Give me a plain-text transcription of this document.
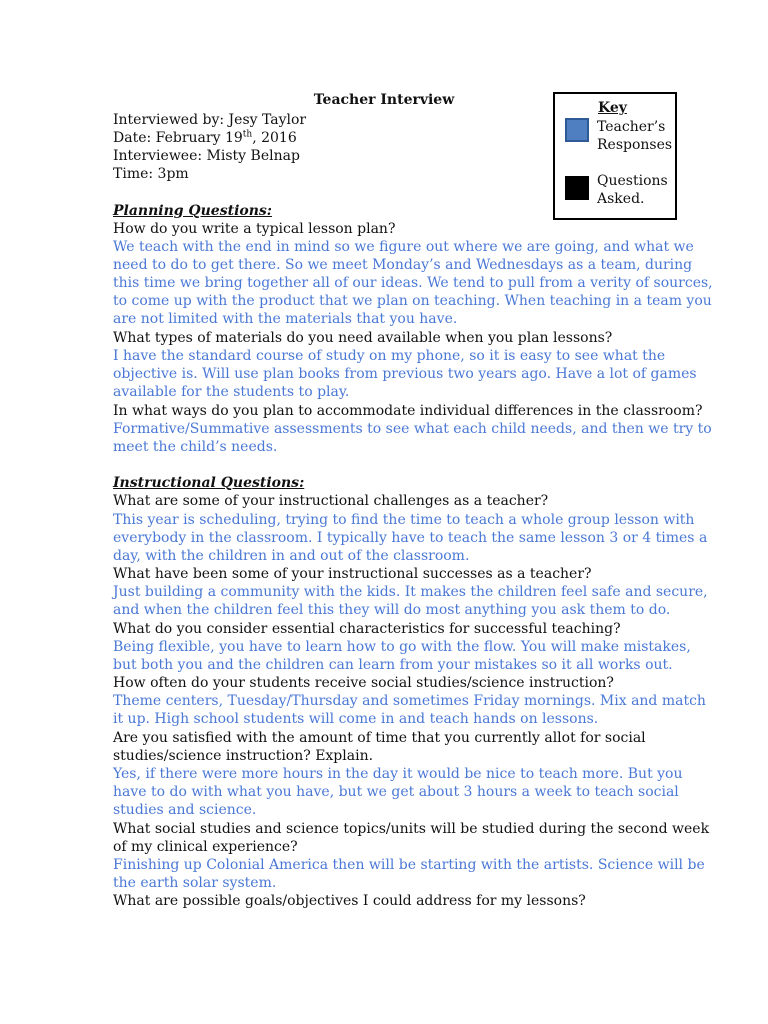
Teacher Interview
Interviewed by: Jesy Taylor
Date: February 19th, 2016
Interviewee: Misty Belnap
Time: 3pm
Key
Teacher’s
Responses
Questions
Asked.
Planning Questions:
How do you write a typical lesson plan?
We teach with the end in mind so we figure out where we are going, and what we
need to do to get there. So we meet Monday’s and Wednesdays as a team, during
this time we bring together all of our ideas. We tend to pull from a verity of sources,
to come up with the product that we plan on teaching. When teaching in a team you
are not limited with the materials that you have.
What types of materials do you need available when you plan lessons?
I have the standard course of study on my phone, so it is easy to see what the
objective is. Will use plan books from previous two years ago. Have a lot of games
available for the students to play.
In what ways do you plan to accommodate individual differences in the classroom?
Formative/Summative assessments to see what each child needs, and then we try to
meet the child’s needs.
Instructional Questions:
What are some of your instructional challenges as a teacher?
This year is scheduling, trying to find the time to teach a whole group lesson with
everybody in the classroom. I typically have to teach the same lesson 3 or 4 times a
day, with the children in and out of the classroom.
What have been some of your instructional successes as a teacher?
Just building a community with the kids. It makes the children feel safe and secure,
and when the children feel this they will do most anything you ask them to do.
What do you consider essential characteristics for successful teaching?
Being flexible, you have to learn how to go with the flow. You will make mistakes,
but both you and the children can learn from your mistakes so it all works out.
How often do your students receive social studies/science instruction?
Theme centers, Tuesday/Thursday and sometimes Friday mornings. Mix and match
it up. High school students will come in and teach hands on lessons.
Are you satisfied with the amount of time that you currently allot for social
studies/science instruction? Explain.
Yes, if there were more hours in the day it would be nice to teach more. But you
have to do with what you have, but we get about 3 hours a week to teach social
studies and science.
What social studies and science topics/units will be studied during the second week
of my clinical experience?
Finishing up Colonial America then will be starting with the artists. Science will be
the earth solar system.
What are possible goals/objectives I could address for my lessons?
